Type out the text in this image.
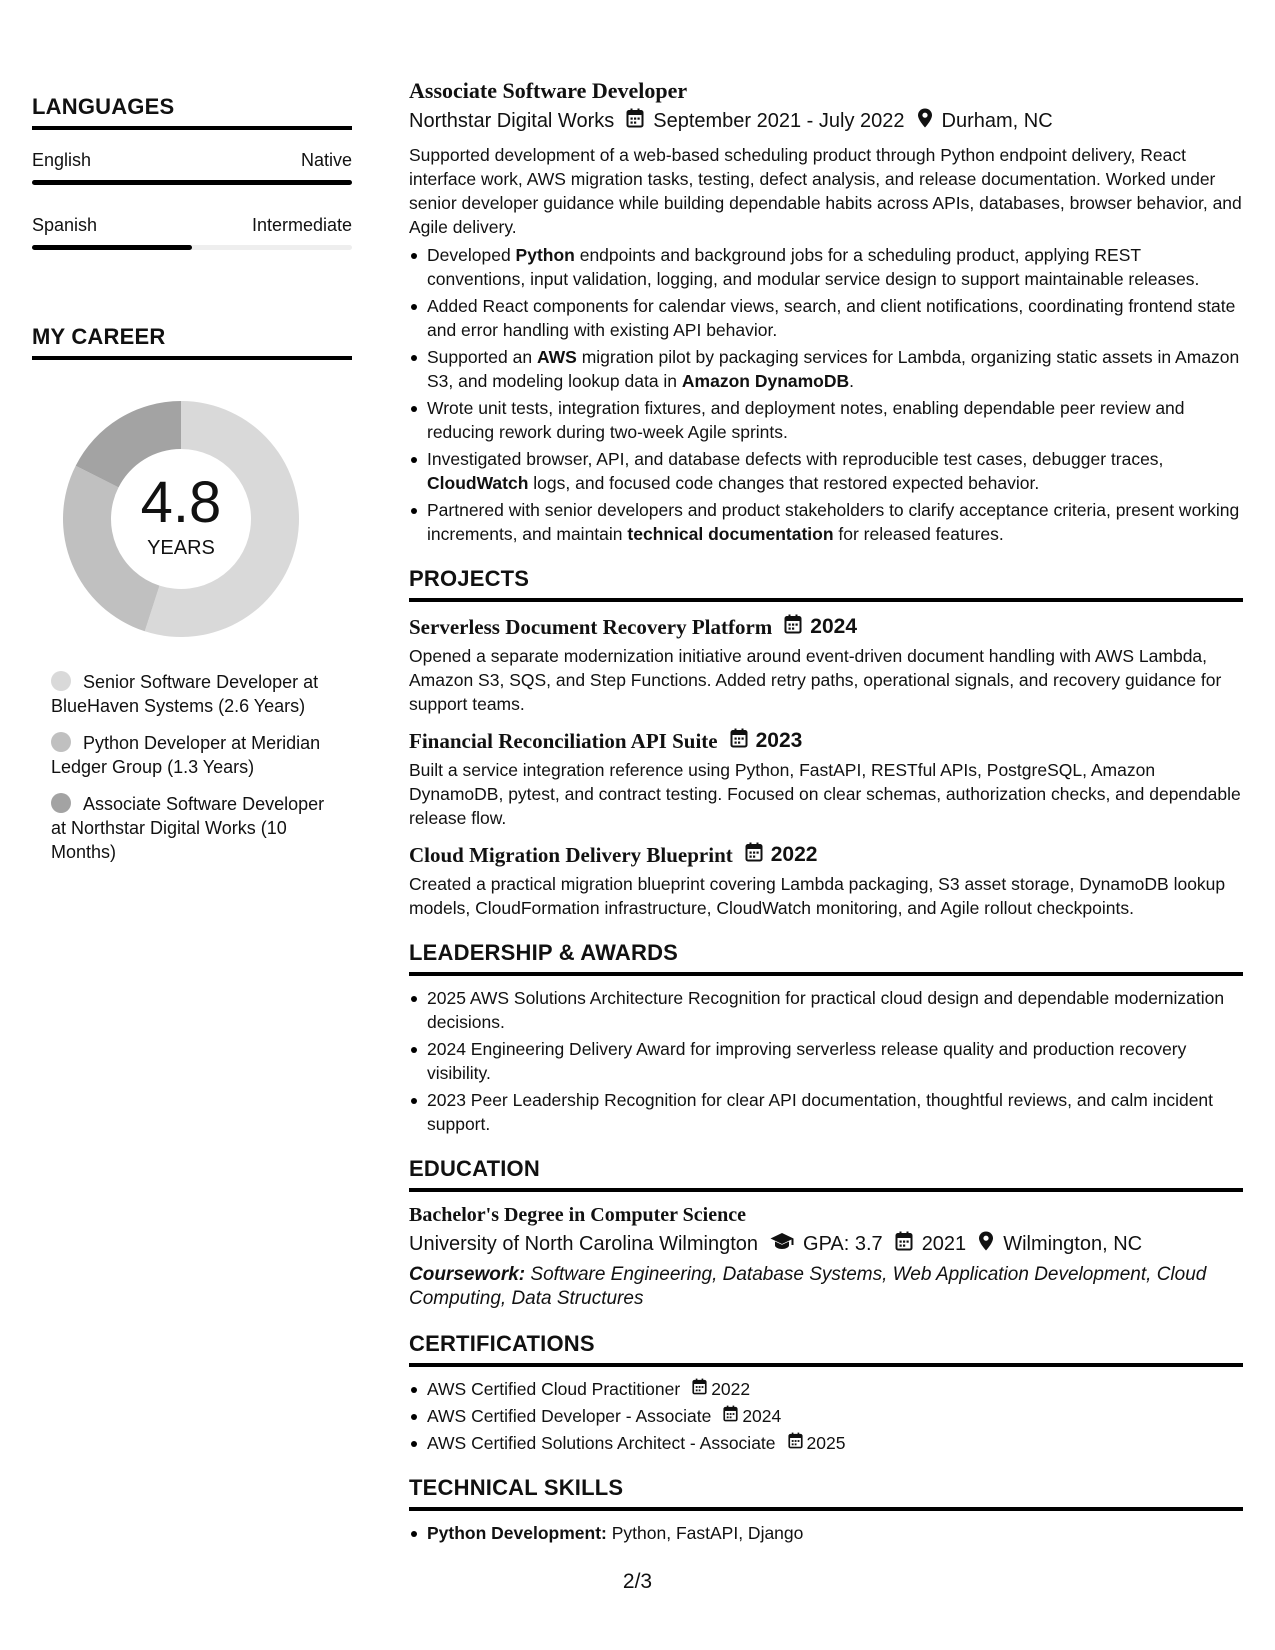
LANGUAGES
English	Native
Spanish	Intermediate
MY CAREER
4.8
YEARS
Senior Software Developer at BlueHaven Systems (2.6 Years)
Python Developer at Meridian Ledger Group (1.3 Years)
Associate Software Developer at Northstar Digital Works (10 Months)
Associate Software Developer
Northstar Digital Works September 2021 - July 2022 Durham, NC

Supported development of a web-based scheduling product through Python endpoint delivery, React interface work, AWS migration tasks, testing, defect analysis, and release documentation. Worked under senior developer guidance while building dependable habits across APIs, databases, browser behavior, and Agile delivery.

Developed Python endpoints and background jobs for a scheduling product, applying REST conventions, input validation, logging, and modular service design to support maintainable releases.
Added React components for calendar views, search, and client notifications, coordinating frontend state and error handling with existing API behavior.
Supported an AWS migration pilot by packaging services for Lambda, organizing static assets in Amazon S3, and modeling lookup data in Amazon DynamoDB.
Wrote unit tests, integration fixtures, and deployment notes, enabling dependable peer review and reducing rework during two-week Agile sprints.
Investigated browser, API, and database defects with reproducible test cases, debugger traces, CloudWatch logs, and focused code changes that restored expected behavior.
Partnered with senior developers and product stakeholders to clarify acceptance criteria, present working increments, and maintain technical documentation for released features.
PROJECTS
Serverless Document Recovery Platform 2024
Opened a separate modernization initiative around event-driven document handling with AWS Lambda, Amazon S3, SQS, and Step Functions. Added retry paths, operational signals, and recovery guidance for support teams.
Financial Reconciliation API Suite 2023
Built a service integration reference using Python, FastAPI, RESTful APIs, PostgreSQL, Amazon DynamoDB, pytest, and contract testing. Focused on clear schemas, authorization checks, and dependable release flow.
Cloud Migration Delivery Blueprint 2022
Created a practical migration blueprint covering Lambda packaging, S3 asset storage, DynamoDB lookup models, CloudFormation infrastructure, CloudWatch monitoring, and Agile rollout checkpoints.
LEADERSHIP & AWARDS
2025 AWS Solutions Architecture Recognition for practical cloud design and dependable modernization decisions.
2024 Engineering Delivery Award for improving serverless release quality and production recovery visibility.
2023 Peer Leadership Recognition for clear API documentation, thoughtful reviews, and calm incident support.
EDUCATION
Bachelor's Degree in Computer Science
University of North Carolina Wilmington GPA: 3.7 2021 Wilmington, NC
Coursework: Software Engineering, Database Systems, Web Application Development, Cloud Computing, Data Structures
CERTIFICATIONS
AWS Certified Cloud Practitioner 2022
AWS Certified Developer - Associate 2024
AWS Certified Solutions Architect - Associate 2025
TECHNICAL SKILLS
Python Development: Python, FastAPI, Django
2/3
